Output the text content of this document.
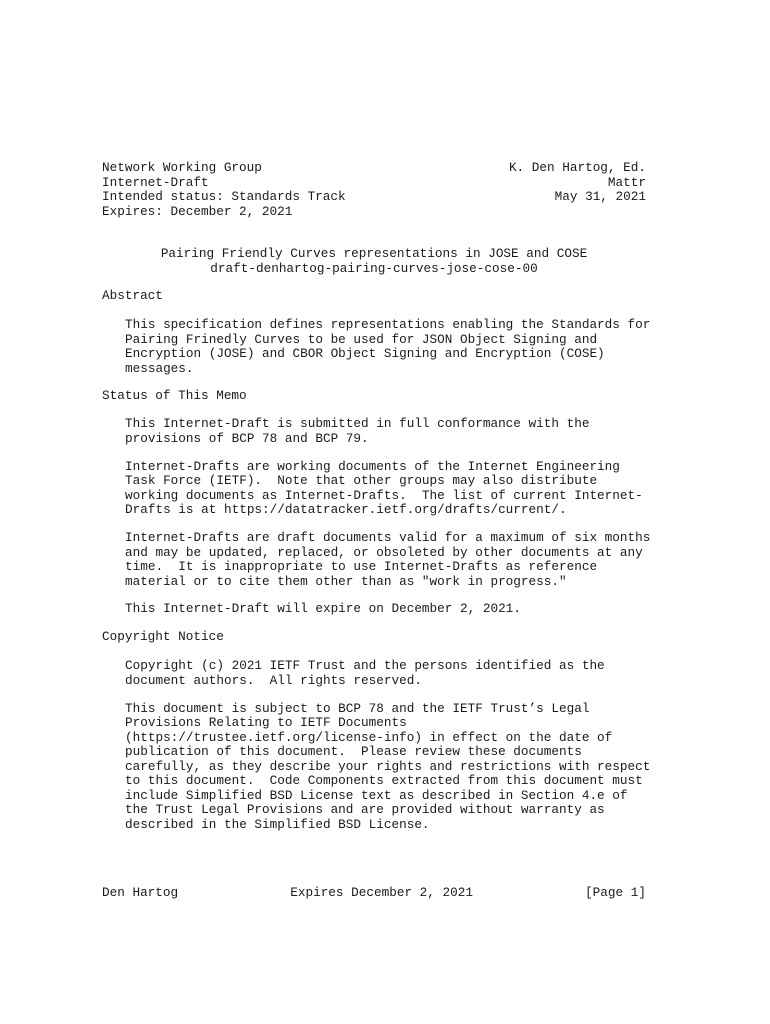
Network Working Group	K. Den Hartog, Ed.
Internet-Draft	Mattr
Intended status: Standards Track	May 31, 2021
Expires: December 2, 2021
Pairing Friendly Curves representations in JOSE and COSE
draft-denhartog-pairing-curves-jose-cose-00
Abstract
This specification defines representations enabling the Standards for
Pairing Frinedly Curves to be used for JSON Object Signing and
Encryption (JOSE) and CBOR Object Signing and Encryption (COSE)
messages.
Status of This Memo
This Internet-Draft is submitted in full conformance with the
provisions of BCP 78 and BCP 79.
Internet-Drafts are working documents of the Internet Engineering
Task Force (IETF).  Note that other groups may also distribute
working documents as Internet-Drafts.  The list of current Internet-
Drafts is at https://datatracker.ietf.org/drafts/current/.
Internet-Drafts are draft documents valid for a maximum of six months
and may be updated, replaced, or obsoleted by other documents at any
time.  It is inappropriate to use Internet-Drafts as reference
material or to cite them other than as "work in progress."
This Internet-Draft will expire on December 2, 2021.
Copyright Notice
Copyright (c) 2021 IETF Trust and the persons identified as the
document authors.  All rights reserved.
This document is subject to BCP 78 and the IETF Trust’s Legal
Provisions Relating to IETF Documents
(https://trustee.ietf.org/license-info) in effect on the date of
publication of this document.  Please review these documents
carefully, as they describe your rights and restrictions with respect
to this document.  Code Components extracted from this document must
include Simplified BSD License text as described in Section 4.e of
the Trust Legal Provisions and are provided without warranty as
described in the Simplified BSD License.
Den Hartog	Expires December 2, 2021	[Page 1]
